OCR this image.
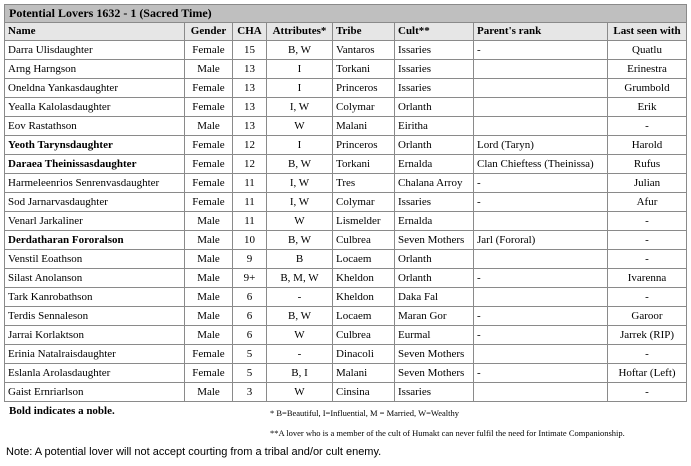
Potential Lovers 1632 - 1 (Sacred Time)							
Name	Gender	CHA	Attributes*	Tribe	Cult**	Parent's rank	Last seen with
Darra Ulisdaughter	Female	15	B, W	Vantaros	Issaries	-	Quatlu
Arng Harngson	Male	13	I	Torkani	Issaries		Erinestra
Oneldna Yankasdaughter	Female	13	I	Princeros	Issaries		Grumbold
Yealla Kalolasdaughter	Female	13	I, W	Colymar	Orlanth		Erik
Eov Rastathson	Male	13	W	Malani	Eiritha		-
Yeoth Tarynsdaughter	Female	12	I	Princeros	Orlanth	Lord (Taryn)	Harold
Daraea Theinissasdaughter	Female	12	B, W	Torkani	Ernalda	Clan Chieftess (Theinissa)	Rufus
Harmeleenrios Senrenvasdaughter	Female	11	I, W	Tres	Chalana Arroy	-	Julian
Sod Jarnarvasdaughter	Female	11	I, W	Colymar	Issaries	-	Afur
Venarl Jarkaliner	Male	11	W	Lismelder	Ernalda		-
Derdatharan Fororalson	Male	10	B, W	Culbrea	Seven Mothers	Jarl (Fororal)	-
Venstil Eoathson	Male	9	B	Locaem	Orlanth		-
Silast Anolanson	Male	9+	B, M, W	Kheldon	Orlanth	-	Ivarenna
Tark Kanrobathson	Male	6	-	Kheldon	Daka Fal		-
Terdis Sennaleson	Male	6	B, W	Locaem	Maran Gor	-	Garoor
Jarrai Korlaktson	Male	6	W	Culbrea	Eurmal	-	Jarrek (RIP)
Erinia Natalraisdaughter	Female	5	-	Dinacoli	Seven Mothers		-
Eslanla Arolasdaughter	Female	5	B, I	Malani	Seven Mothers	-	Hoftar (Left)
Gaist Ernriarlson	Male	3	W	Cinsina	Issaries		-
Bold indicates a noble.	* B=Beautiful, I=Influential, M = Married, W=Wealthy
**A lover who is a member of the cult of Humakt can never fulfil the need for Intimate Companionship.
Note: A potential lover will not accept courting from a tribal and/or cult enemy.
